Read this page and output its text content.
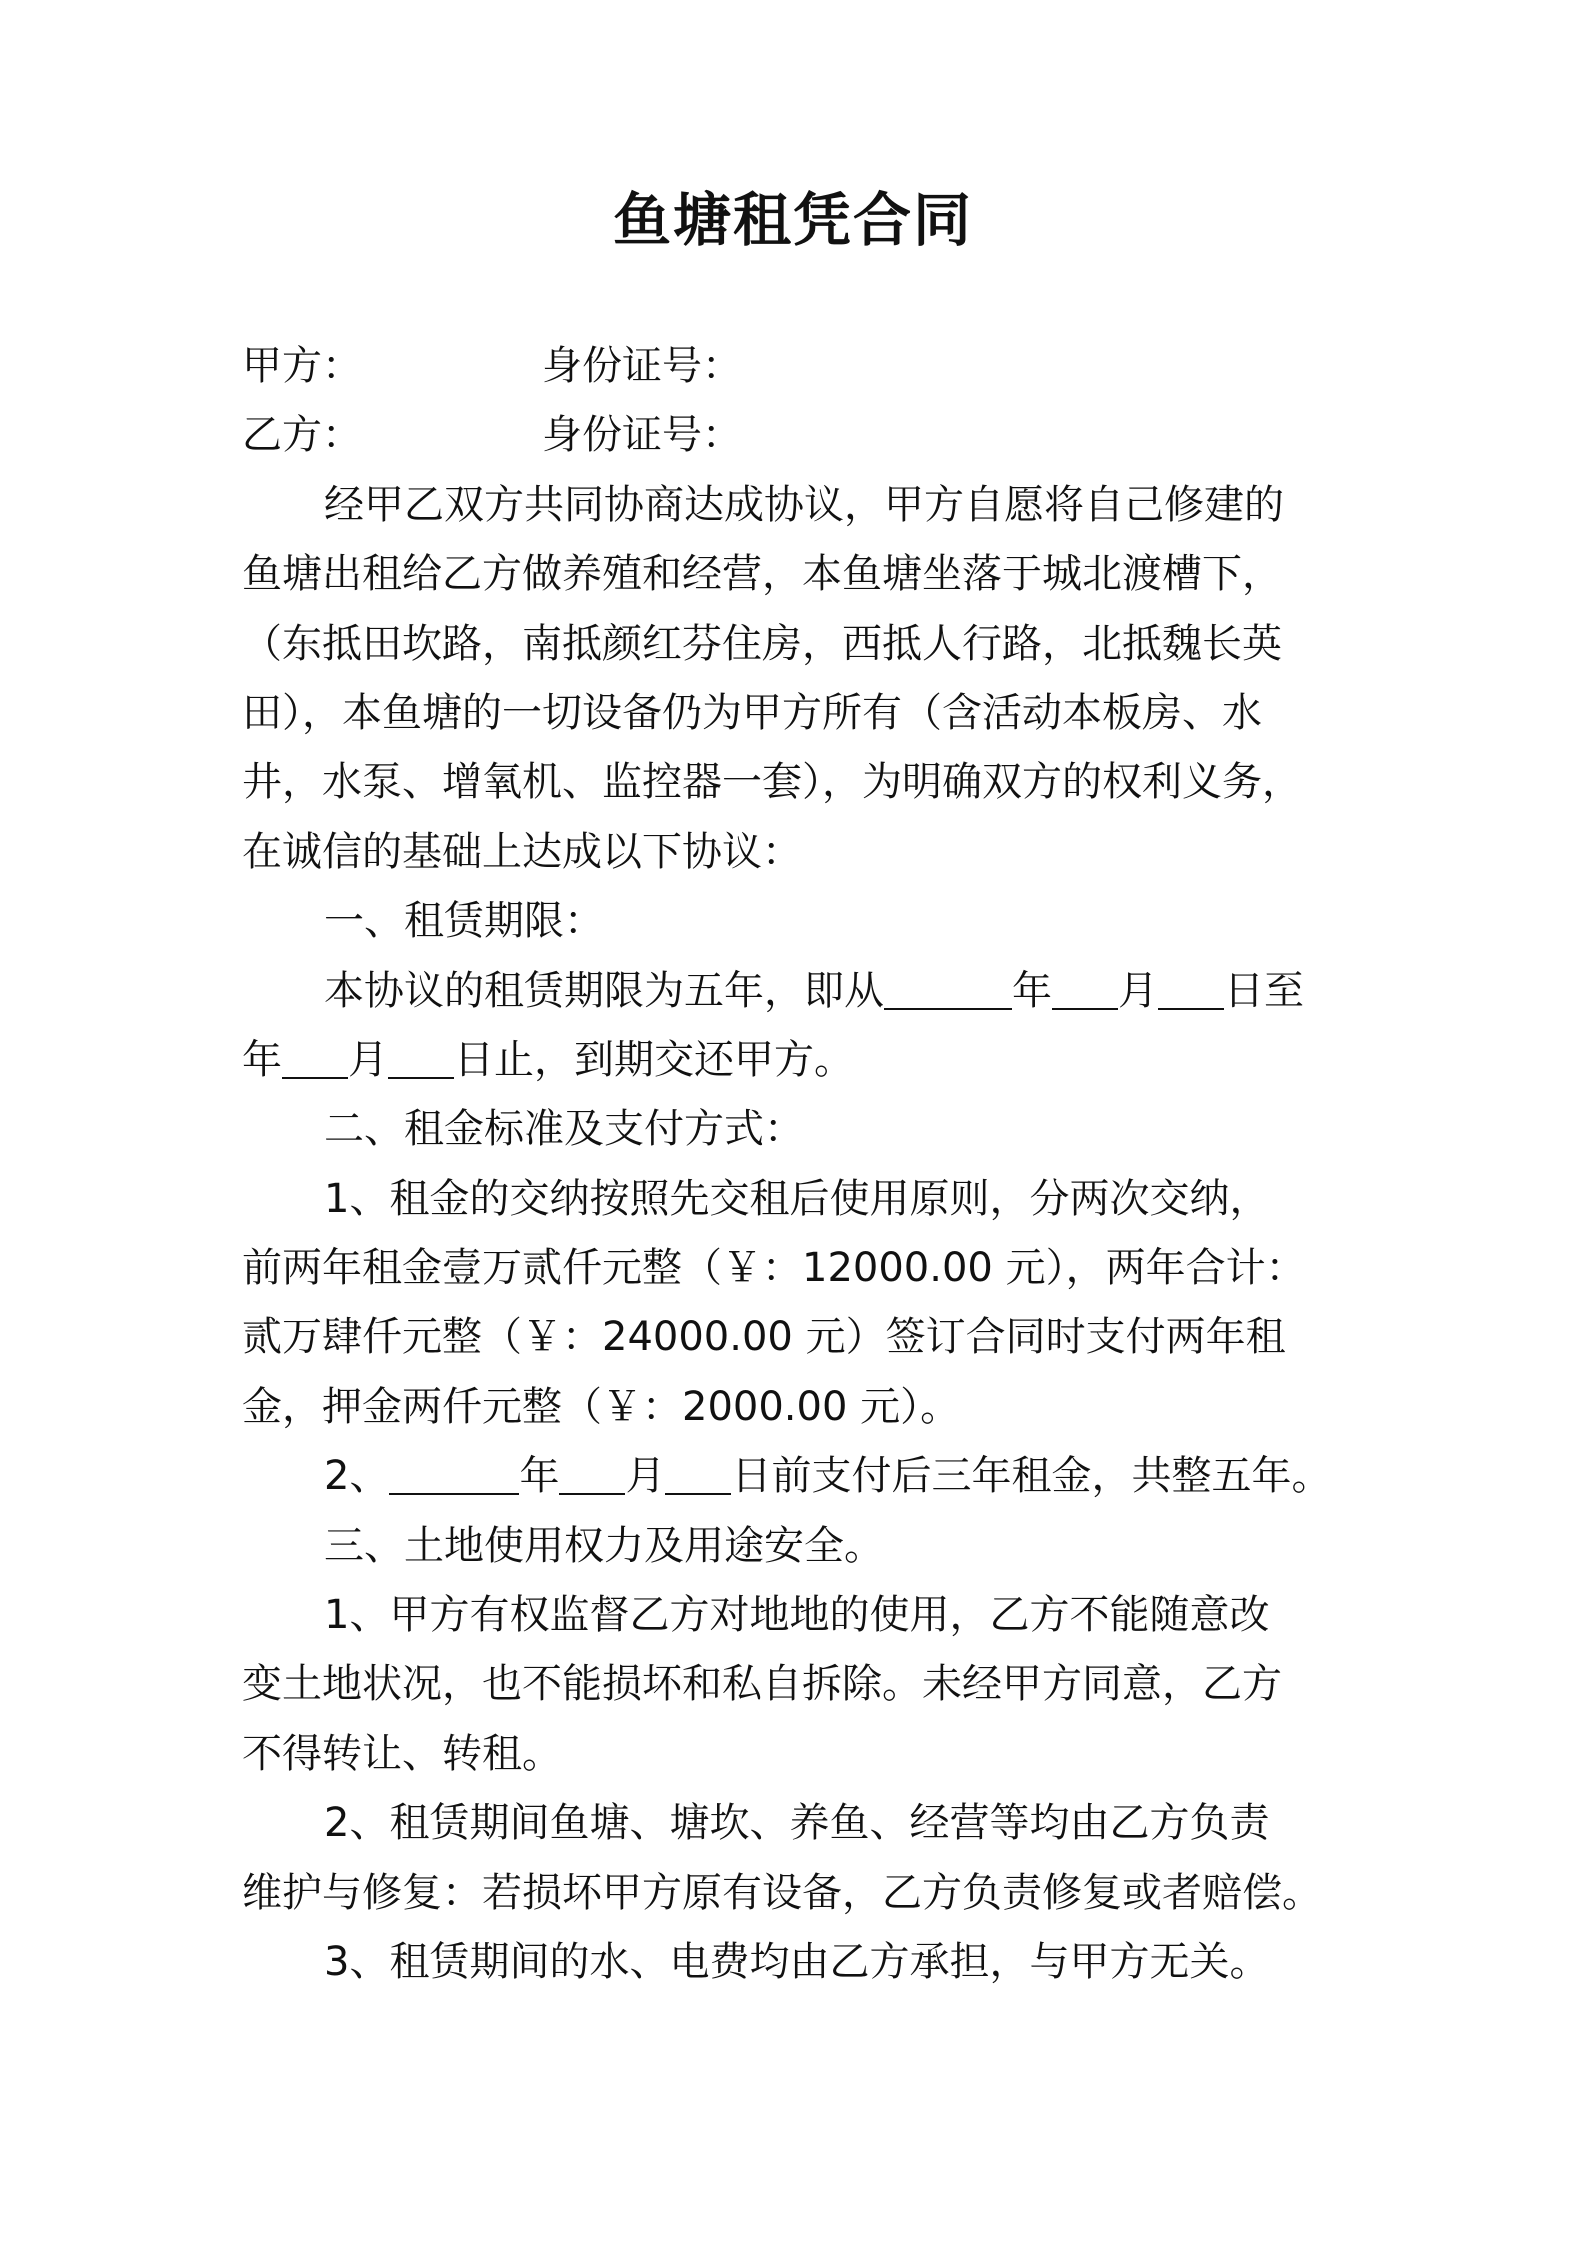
鱼塘租凭合同
甲方：	身份证号：
乙方：	身份证号：
经甲乙双方共同协商达成协议，甲方自愿将自己修建的
鱼塘出租给乙方做养殖和经营，本鱼塘坐落于城北渡槽下，
（东抵田坎路，南抵颜红芬住房，西抵人行路，北抵魏长英
田），本鱼塘的一切设备仍为甲方所有（含活动本板房、水
井，水泵、增氧机、监控器一套），为明确双方的权利义务，
在诚信的基础上达成以下协议：
一、租赁期限：
本协议的租赁期限为五年，即从	年 月 日至
年 月 日止，到期交还甲方。
二、租金标准及支付方式：
1、租金的交纳按照先交租后使用原则，分两次交纳，
前两年租金壹万贰仟元整（￥：12000.00 元），两年合计：
贰万肆仟元整（￥：24000.00 元）签订合同时支付两年租
金，押金两仟元整（￥：2000.00 元）。
2、	年 月 日前支付后三年租金，共整五年。
三、土地使用权力及用途安全。
1、甲方有权监督乙方对地地的使用，乙方不能随意改
变土地状况，也不能损坏和私自拆除。未经甲方同意，乙方
不得转让、转租。
2、租赁期间鱼塘、塘坎、养鱼、经营等均由乙方负责
维护与修复：若损坏甲方原有设备，乙方负责修复或者赔偿。
3、租赁期间的水、电费均由乙方承担，与甲方无关。
